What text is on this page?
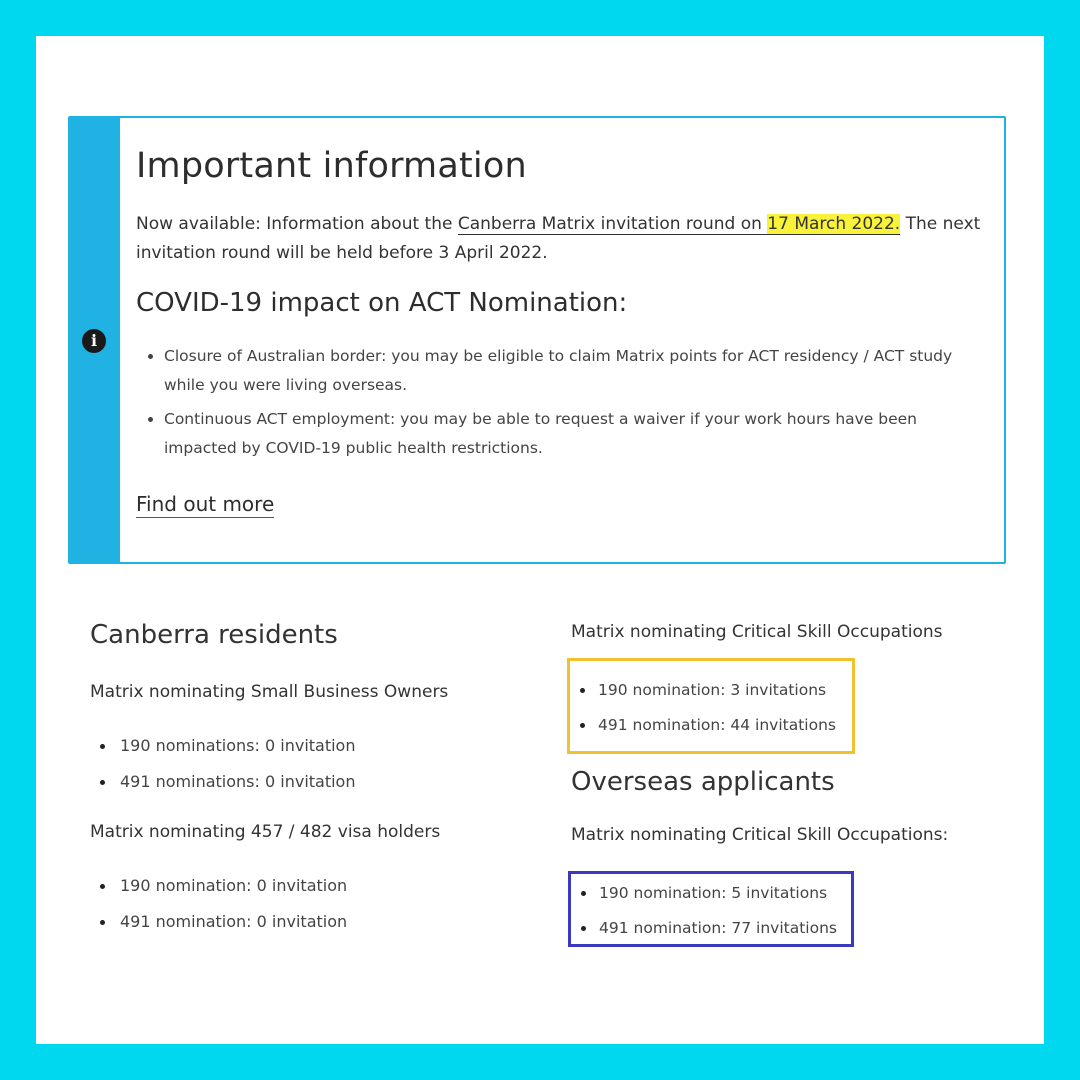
i
Important information

Now available: Information about the Canberra Matrix invitation round on 17 March 2022. The next invitation round will be held before 3 April 2022.

COVID-19 impact on ACT Nomination:
• Closure of Australian border: you may be eligible to claim Matrix points for ACT residency / ACT study while you were living overseas.
• Continuous ACT employment: you may be able to request a waiver if your work hours have been impacted by COVID-19 public health restrictions.
Find out more
Canberra residents
Matrix nominating Small Business Owners
190 nominations: 0 invitation
491 nominations: 0 invitation
Matrix nominating 457 / 482 visa holders
190 nomination: 0 invitation
491 nomination: 0 invitation
Matrix nominating Critical Skill Occupations
190 nomination: 3 invitations
491 nomination: 44 invitations
Overseas applicants
Matrix nominating Critical Skill Occupations:
190 nomination: 5 invitations
491 nomination: 77 invitations
